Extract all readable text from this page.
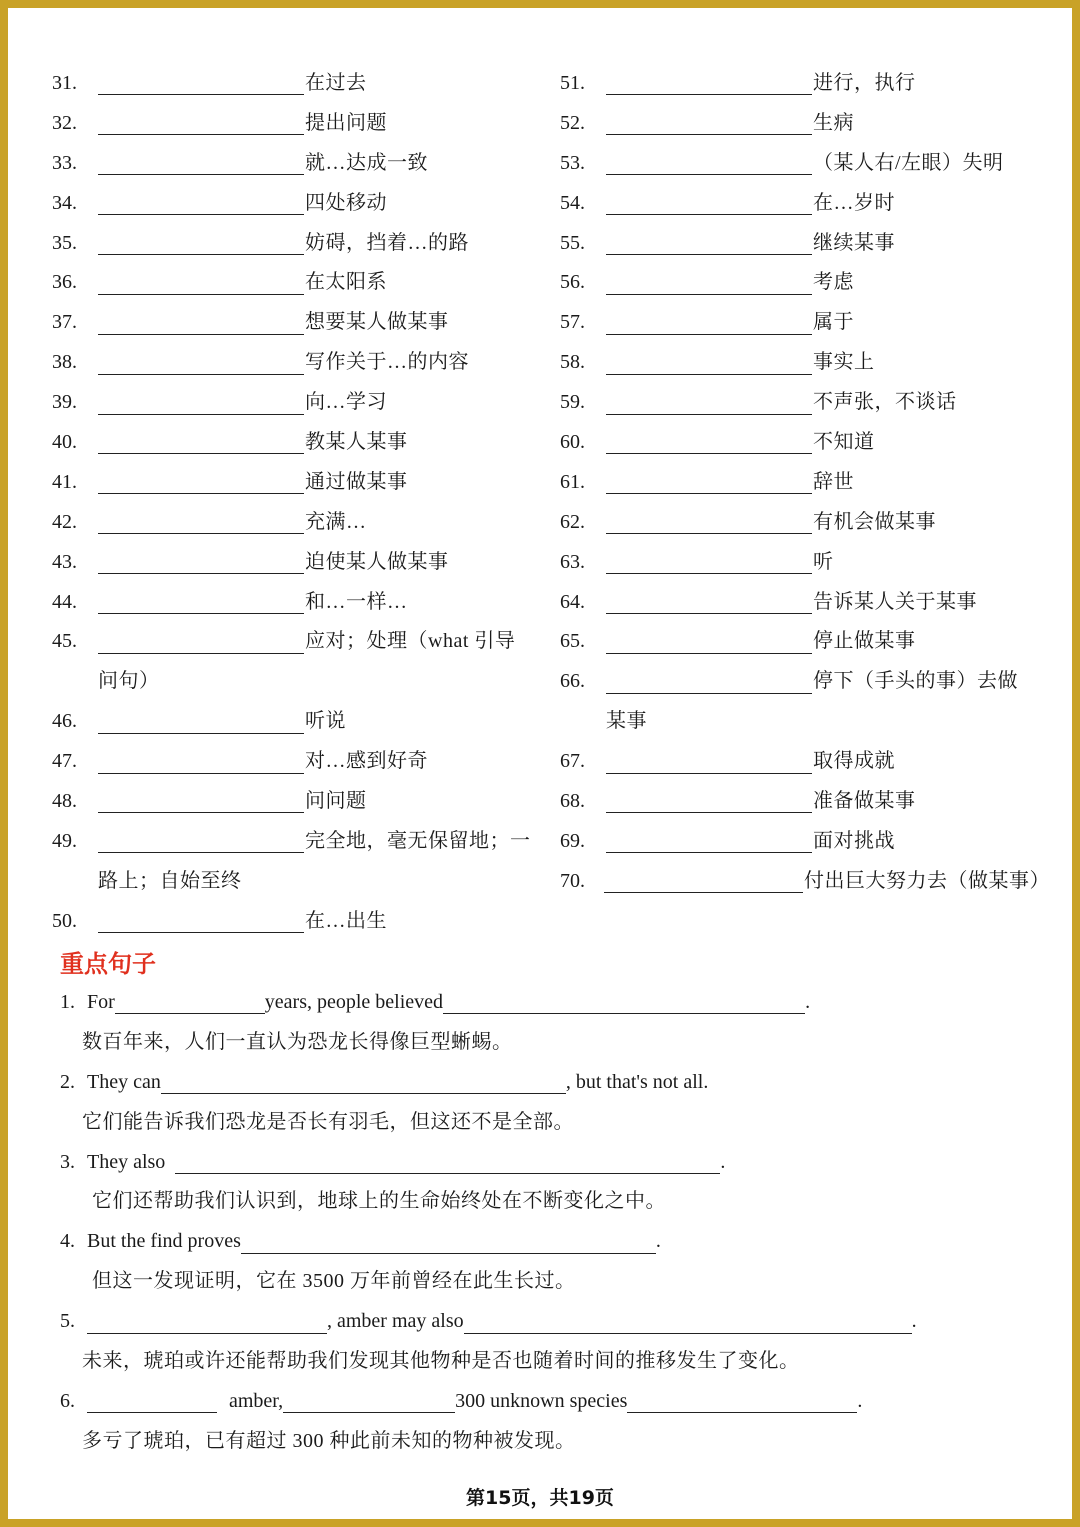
31.	在过去
32.	提出问题
33.	就…达成一致
34.	四处移动
35.	妨碍，挡着…的路
36.	在太阳系
37.	想要某人做某事
38.	写作关于…的内容
39.	向…学习
40.	教某人某事
41.	通过做某事
42.	充满…
43.	迫使某人做某事
44.	和…一样…
45.	应对；处理（what 引导
问句）
46.	听说
47.	对…感到好奇
48.	问问题
49.	完全地，毫无保留地；一
路上；自始至终
50.	在…出生
51.	进行，执行
52.	生病
53.	（某人右/左眼）失明
54.	在…岁时
55.	继续某事
56.	考虑
57.	属于
58.	事实上
59.	不声张，不谈话
60.	不知道
61.	辞世
62.	有机会做某事
63.	听
64.	告诉某人关于某事
65.	停止做某事
66.	停下（手头的事）去做
某事
67.	取得成就
68.	准备做某事
69.	面对挑战
70.	付出巨大努力去（做某事）
重点句子
1. For	years, people believed	.
数百年来，人们一直认为恐龙长得像巨型蜥蜴。
2. They can	, but that's not all.
它们能告诉我们恐龙是否长有羽毛，但这还不是全部。
3. They also	.
它们还帮助我们认识到，地球上的生命始终处在不断变化之中。
4. But the find proves	.
但这一发现证明，它在 3500 万年前曾经在此生长过。
5.	, amber may also	.
未来，琥珀或许还能帮助我们发现其他物种是否也随着时间的推移发生了变化。
6.	amber,	300 unknown species	.
多亏了琥珀，已有超过 300 种此前未知的物种被发现。
第15页，共19页
